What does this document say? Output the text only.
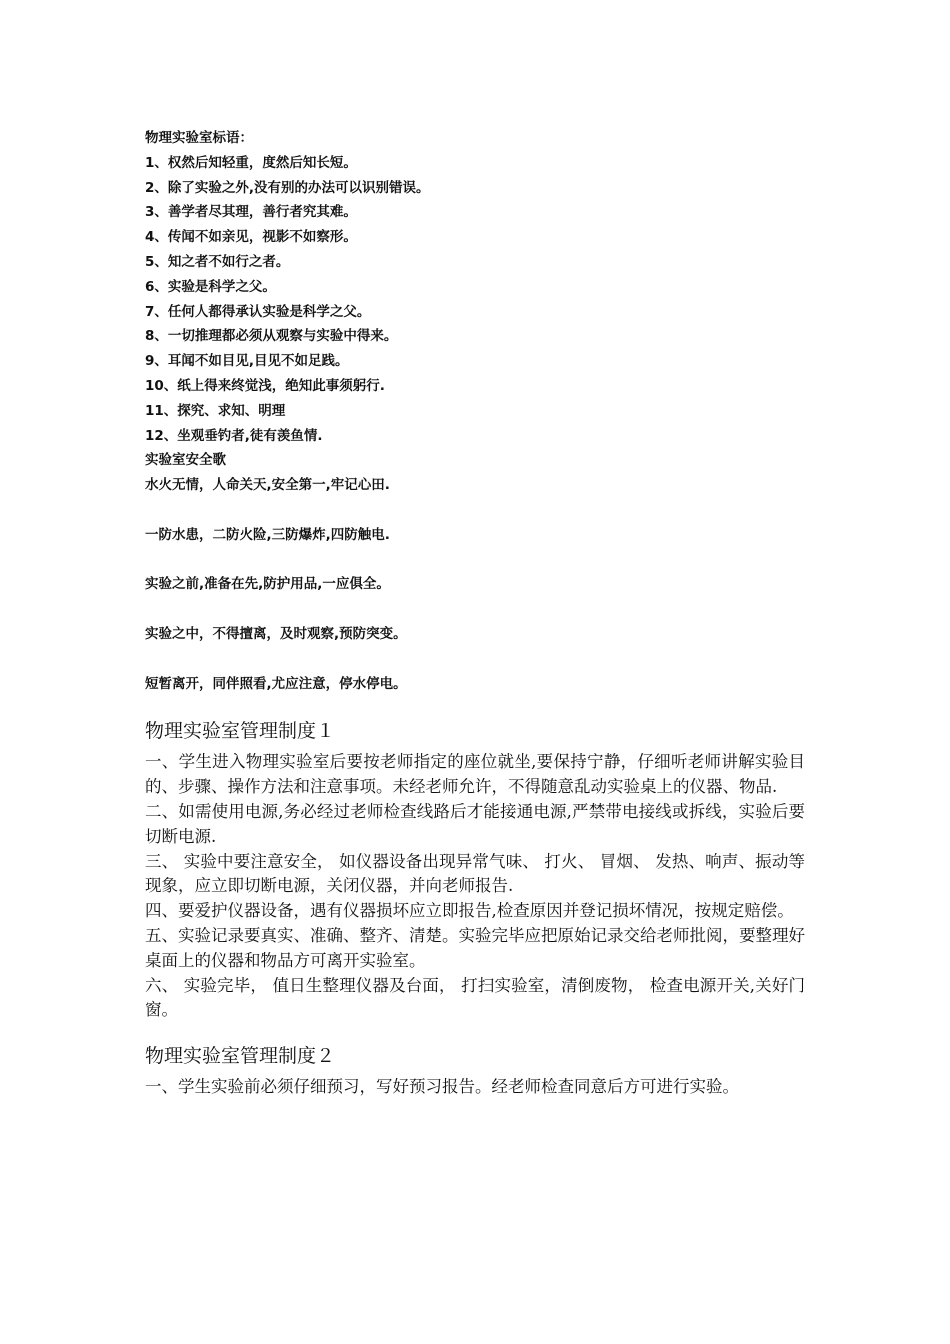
物理实验室标语：
1、权然后知轻重，度然后知长短。
2、除了实验之外,没有别的办法可以识别错误。
3、善学者尽其理，善行者究其难。
4、传闻不如亲见，视影不如察形。
5、知之者不如行之者。
6、实验是科学之父。
7、任何人都得承认实验是科学之父。
8、一切推理都必须从观察与实验中得来。
9、耳闻不如目见,目见不如足践。
10、纸上得来终觉浅，绝知此事须躬行.
11、探究、求知、明理
12、坐观垂钓者,徒有羡鱼情.
实验室安全歌
水火无情，人命关天,安全第一,牢记心田.
一防水患，二防火险,三防爆炸,四防触电.
实验之前,准备在先,防护用品,一应俱全。
实验之中，不得擅离，及时观察,预防突变。
短暂离开，同伴照看,尤应注意，停水停电。
物理实验室管理制度１

一、学生进入物理实验室后要按老师指定的座位就坐,要保持宁静，仔细听老师讲解实验目的、步骤、操作方法和注意事项。未经老师允许，不得随意乱动实验桌上的仪器、物品.

二、如需使用电源,务必经过老师检查线路后才能接通电源,严禁带电接线或拆线，实验后要切断电源.

三、 实验中要注意安全， 如仪器设备出现异常气味、 打火、 冒烟、 发热、响声、振动等现象，应立即切断电源，关闭仪器，并向老师报告.

四、要爱护仪器设备，遇有仪器损坏应立即报告,检查原因并登记损坏情况，按规定赔偿。

五、实验记录要真实、准确、整齐、清楚。实验完毕应把原始记录交给老师批阅，要整理好桌面上的仪器和物品方可离开实验室。

六、 实验完毕， 值日生整理仪器及台面， 打扫实验室，清倒废物， 检查电源开关,关好门窗。

物理实验室管理制度２

一、学生实验前必须仔细预习，写好预习报告。经老师检查同意后方可进行实验。
